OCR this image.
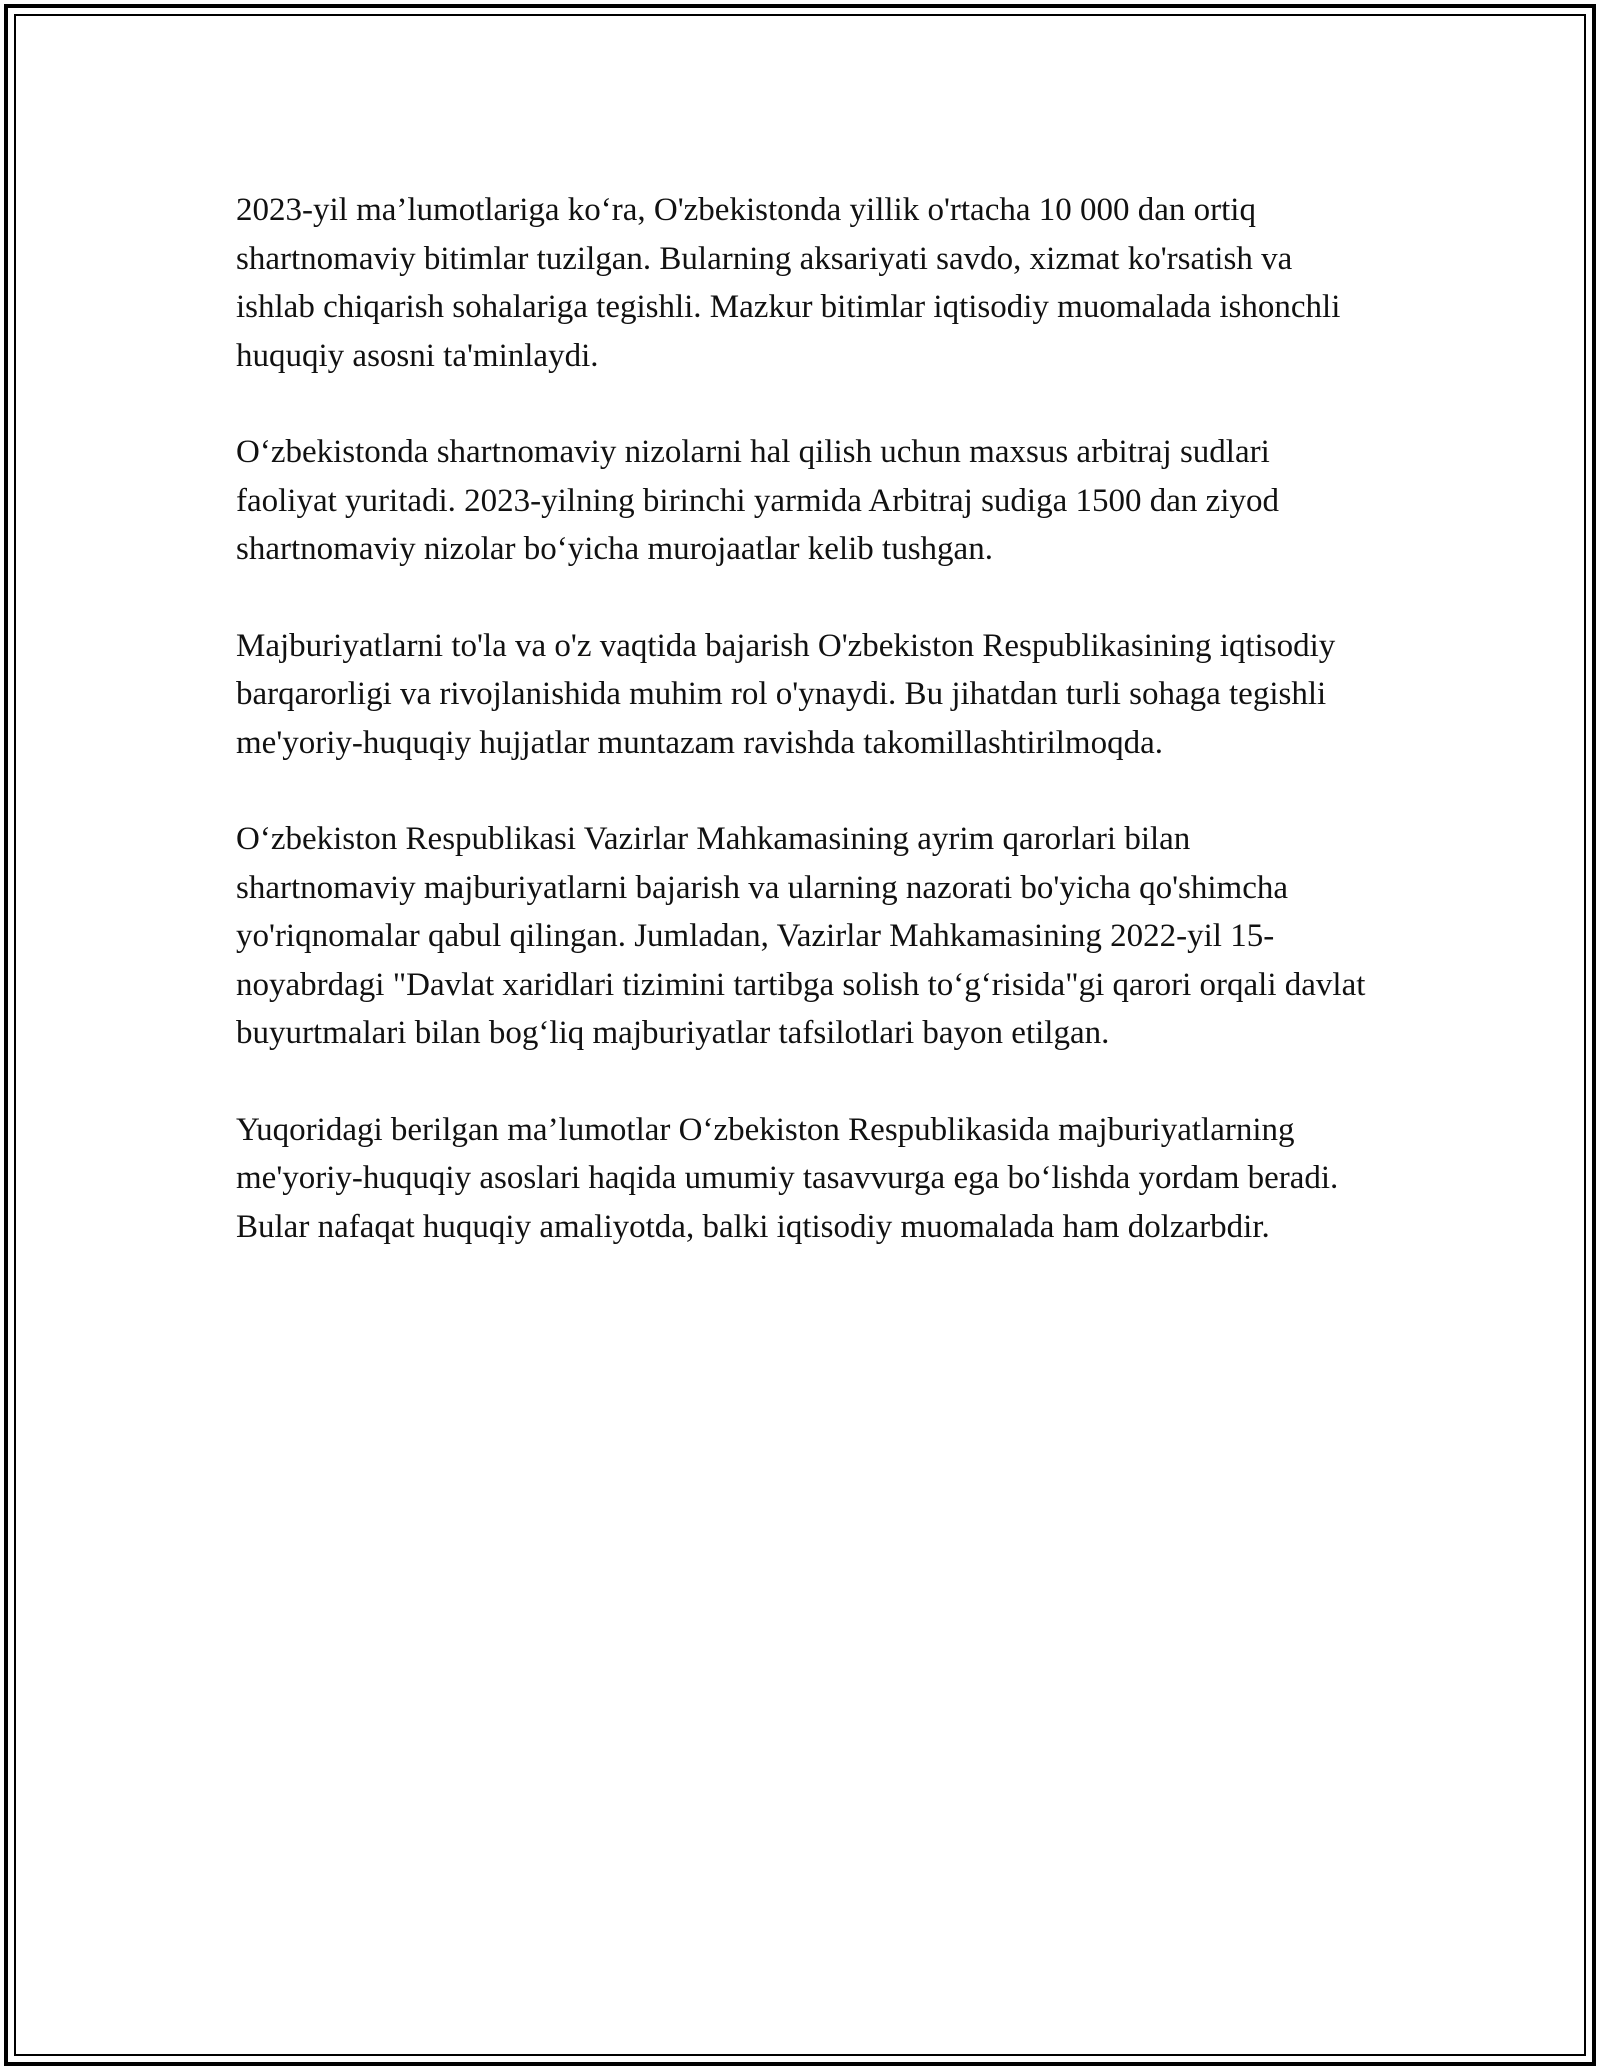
2023-yil ma’lumotlariga ko‘ra, O'zbekistonda yillik o'rtacha 10 000 dan ortiq shartnomaviy bitimlar tuzilgan. Bularning aksariyati savdo, xizmat ko'rsatish va ishlab chiqarish sohalariga tegishli. Mazkur bitimlar iqtisodiy muomalada ishonchli huquqiy asosni ta'minlaydi.

O‘zbekistonda shartnomaviy nizolarni hal qilish uchun maxsus arbitraj sudlari faoliyat yuritadi. 2023-yilning birinchi yarmida Arbitraj sudiga 1500 dan ziyod shartnomaviy nizolar bo‘yicha murojaatlar kelib tushgan.

Majburiyatlarni to'la va o'z vaqtida bajarish O'zbekiston Respublikasining iqtisodiy barqarorligi va rivojlanishida muhim rol o'ynaydi. Bu jihatdan turli sohaga tegishli me'yoriy-huquqiy hujjatlar muntazam ravishda takomillashtirilmoqda.

O‘zbekiston Respublikasi Vazirlar Mahkamasining ayrim qarorlari bilan shartnomaviy majburiyatlarni bajarish va ularning nazorati bo'yicha qo'shimcha yo'riqnomalar qabul qilingan. Jumladan, Vazirlar Mahkamasining 2022-yil 15-noyabrdagi "Davlat xaridlari tizimini tartibga solish to‘g‘risida"gi qarori orqali davlat buyurtmalari bilan bog‘liq majburiyatlar tafsilotlari bayon etilgan.

Yuqoridagi berilgan ma’lumotlar O‘zbekiston Respublikasida majburiyatlarning me'yoriy-huquqiy asoslari haqida umumiy tasavvurga ega bo‘lishda yordam beradi. Bular nafaqat huquqiy amaliyotda, balki iqtisodiy muomalada ham dolzarbdir.
